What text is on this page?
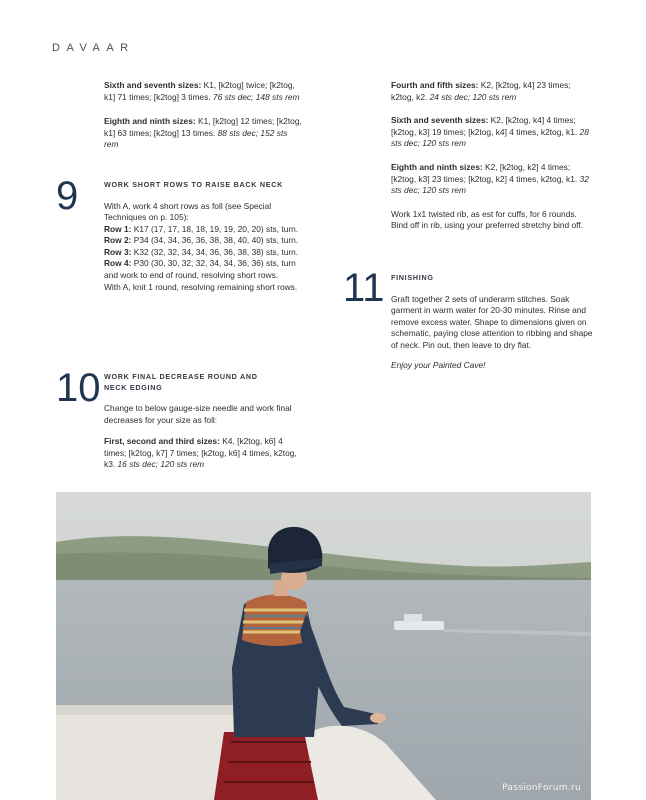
DAVAAR

Sixth and seventh sizes: K1, [k2tog] twice; [k2tog, k1] 71 times; [k2tog] 3 times. 76 sts dec; 148 sts rem

Eighth and ninth sizes: K1, [k2tog] 12 times; [k2tog, k1] 63 times; [k2tog] 13 times. 88 sts dec; 152 sts rem

9	WORK SHORT ROWS TO RAISE BACK NECK

With A, work 4 short rows as foll (see Special Techniques on p. 105):

Row 1: K17 (17, 17, 18, 18, 19, 19, 20, 20) sts, turn.
Row 2: P34 (34, 34, 36, 36, 38, 38, 40, 40) sts, turn.
Row 3: K32 (32, 32, 34, 34, 36, 36, 38, 38) sts, turn.
Row 4: P30 (30, 30, 32, 32, 34, 34, 36, 36) sts, turn and work to end of round, resolving short rows.
With A, knit 1 round, resolving remaining short rows.
10 WORK FINAL DECREASE ROUND AND NECK EDGING

Change to below gauge-size needle and work final decreases for your size as foll:

First, second and third sizes: K4, [k2tog, k6] 4 times; [k2tog, k7] 7 times; [k2tog, k6] 4 times, k2tog, k3. 16 sts dec; 120 sts rem

Fourth and fifth sizes: K2, [k2tog, k4] 23 times; k2tog, k2. 24 sts dec; 120 sts rem

Sixth and seventh sizes: K2, [k2tog, k4] 4 times; [k2tog, k3] 19 times; [k2tog, k4] 4 times, k2tog, k1. 28 sts dec; 120 sts rem

Eighth and ninth sizes: K2, [k2tog, k2] 4 times; [k2tog, k3] 23 times; [k2tog, k2] 4 times, k2tog, k1. 32 sts dec; 120 sts rem

Work 1x1 twisted rib, as est for cuffs, for 6 rounds.
Bind off in rib, using your preferred stretchy bind off.
11 FINISHING

Graft together 2 sets of underarm stitches. Soak garment in warm water for 20-30 minutes. Rinse and remove excess water. Shape to dimensions given on schematic, paying close attention to ribbing and shape of neck. Pin out, then leave to dry flat.

Enjoy your Painted Cave!
PassionForum.ru
